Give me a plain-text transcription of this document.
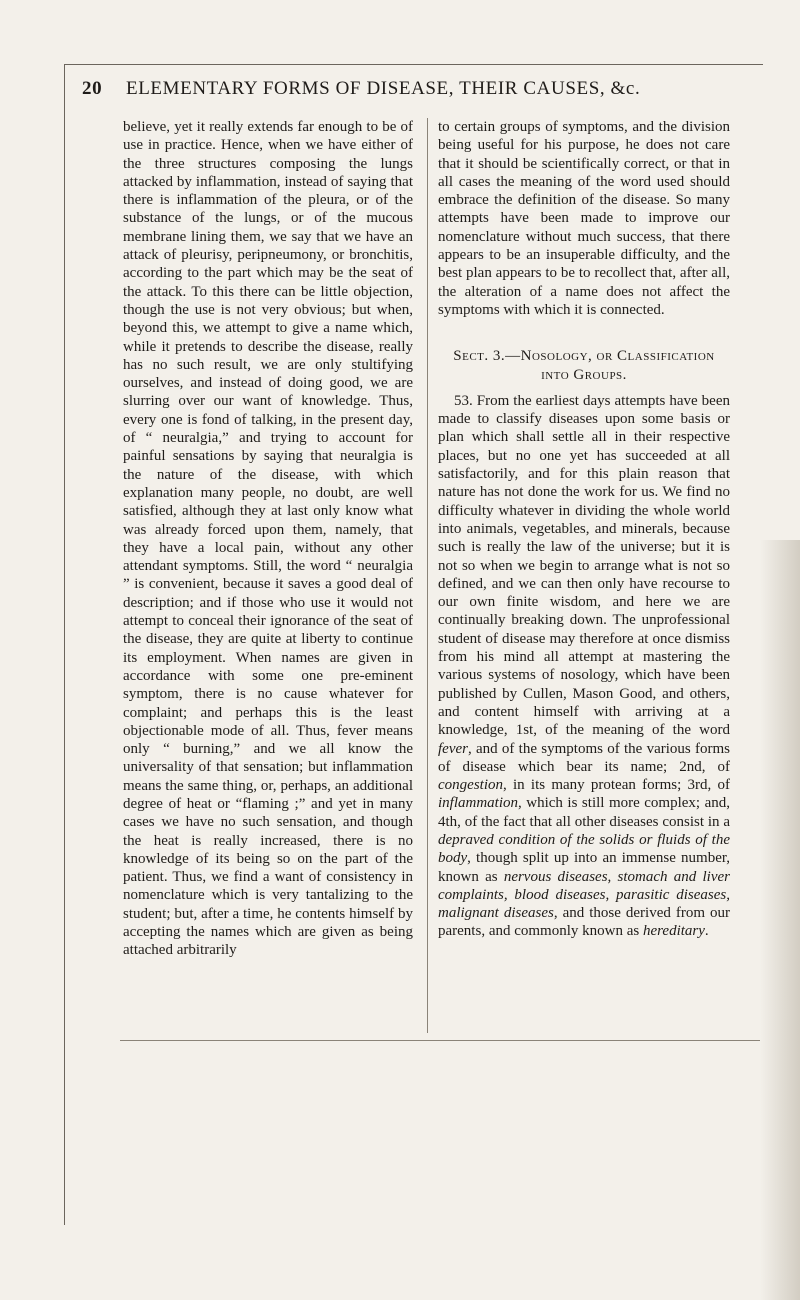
20 ELEMENTARY FORMS OF DISEASE, THEIR CAUSES, &c.

believe, yet it really extends far enough to be of use in practice. Hence, when we have either of the three structures composing the lungs attacked by inflammation, instead of saying that there is inflammation of the pleura, or of the substance of the lungs, or of the mucous membrane lining them, we say that we have an attack of pleurisy, peripneumony, or bronchitis, according to the part which may be the seat of the attack. To this there can be little objection, though the use is not very obvious; but when, beyond this, we attempt to give a name which, while it pretends to describe the disease, really has no such result, we are only stultifying ourselves, and instead of doing good, we are slurring over our want of knowledge. Thus, every one is fond of talking, in the present day, of “ neuralgia,” and trying to account for painful sensations by saying that neuralgia is the nature of the disease, with which explanation many people, no doubt, are well satisfied, although they at last only know what was already forced upon them, namely, that they have a local pain, without any other attendant symptoms. Still, the word “ neuralgia ” is convenient, because it saves a good deal of description; and if those who use it would not attempt to conceal their ignorance of the seat of the disease, they are quite at liberty to continue its employment. When names are given in accordance with some one pre-eminent symptom, there is no cause whatever for complaint; and perhaps this is the least objectionable mode of all. Thus, fever means only “ burning,” and we all know the universality of that sensation; but inflammation means the same thing, or, perhaps, an additional degree of heat or “flaming ;” and yet in many cases we have no such sensation, and though the heat is really increased, there is no knowledge of its being so on the part of the patient. Thus, we find a want of consistency in nomenclature which is very tantalizing to the student; but, after a time, he contents himself by accepting the names which are given as being attached arbitrarily

to certain groups of symptoms, and the division being useful for his purpose, he does not care that it should be scientifically correct, or that in all cases the meaning of the word used should embrace the definition of the disease. So many attempts have been made to improve our nomenclature without much success, that there appears to be an insuperable difficulty, and the best plan appears to be to recollect that, after all, the alteration of a name does not affect the symptoms with which it is connected.

Sect. 3.—Nosology, or Classification into Groups.

53. From the earliest days attempts have been made to classify diseases upon some basis or plan which shall settle all in their respective places, but no one yet has succeeded at all satisfactorily, and for this plain reason that nature has not done the work for us. We find no difficulty whatever in dividing the whole world into animals, vegetables, and minerals, because such is really the law of the universe; but it is not so when we begin to arrange what is not so defined, and we can then only have recourse to our own finite wisdom, and here we are continually breaking down. The unprofessional student of disease may therefore at once dismiss from his mind all attempt at mastering the various systems of nosology, which have been published by Cullen, Mason Good, and others, and content himself with arriving at a knowledge, 1st, of the meaning of the word fever, and of the symptoms of the various forms of disease which bear its name; 2nd, of congestion, in its many protean forms; 3rd, of inflammation, which is still more complex; and, 4th, of the fact that all other diseases consist in a depraved condition of the solids or fluids of the body, though split up into an immense number, known as nervous diseases, stomach and liver complaints, blood diseases, parasitic diseases, malignant diseases, and those derived from our parents, and commonly known as hereditary.
